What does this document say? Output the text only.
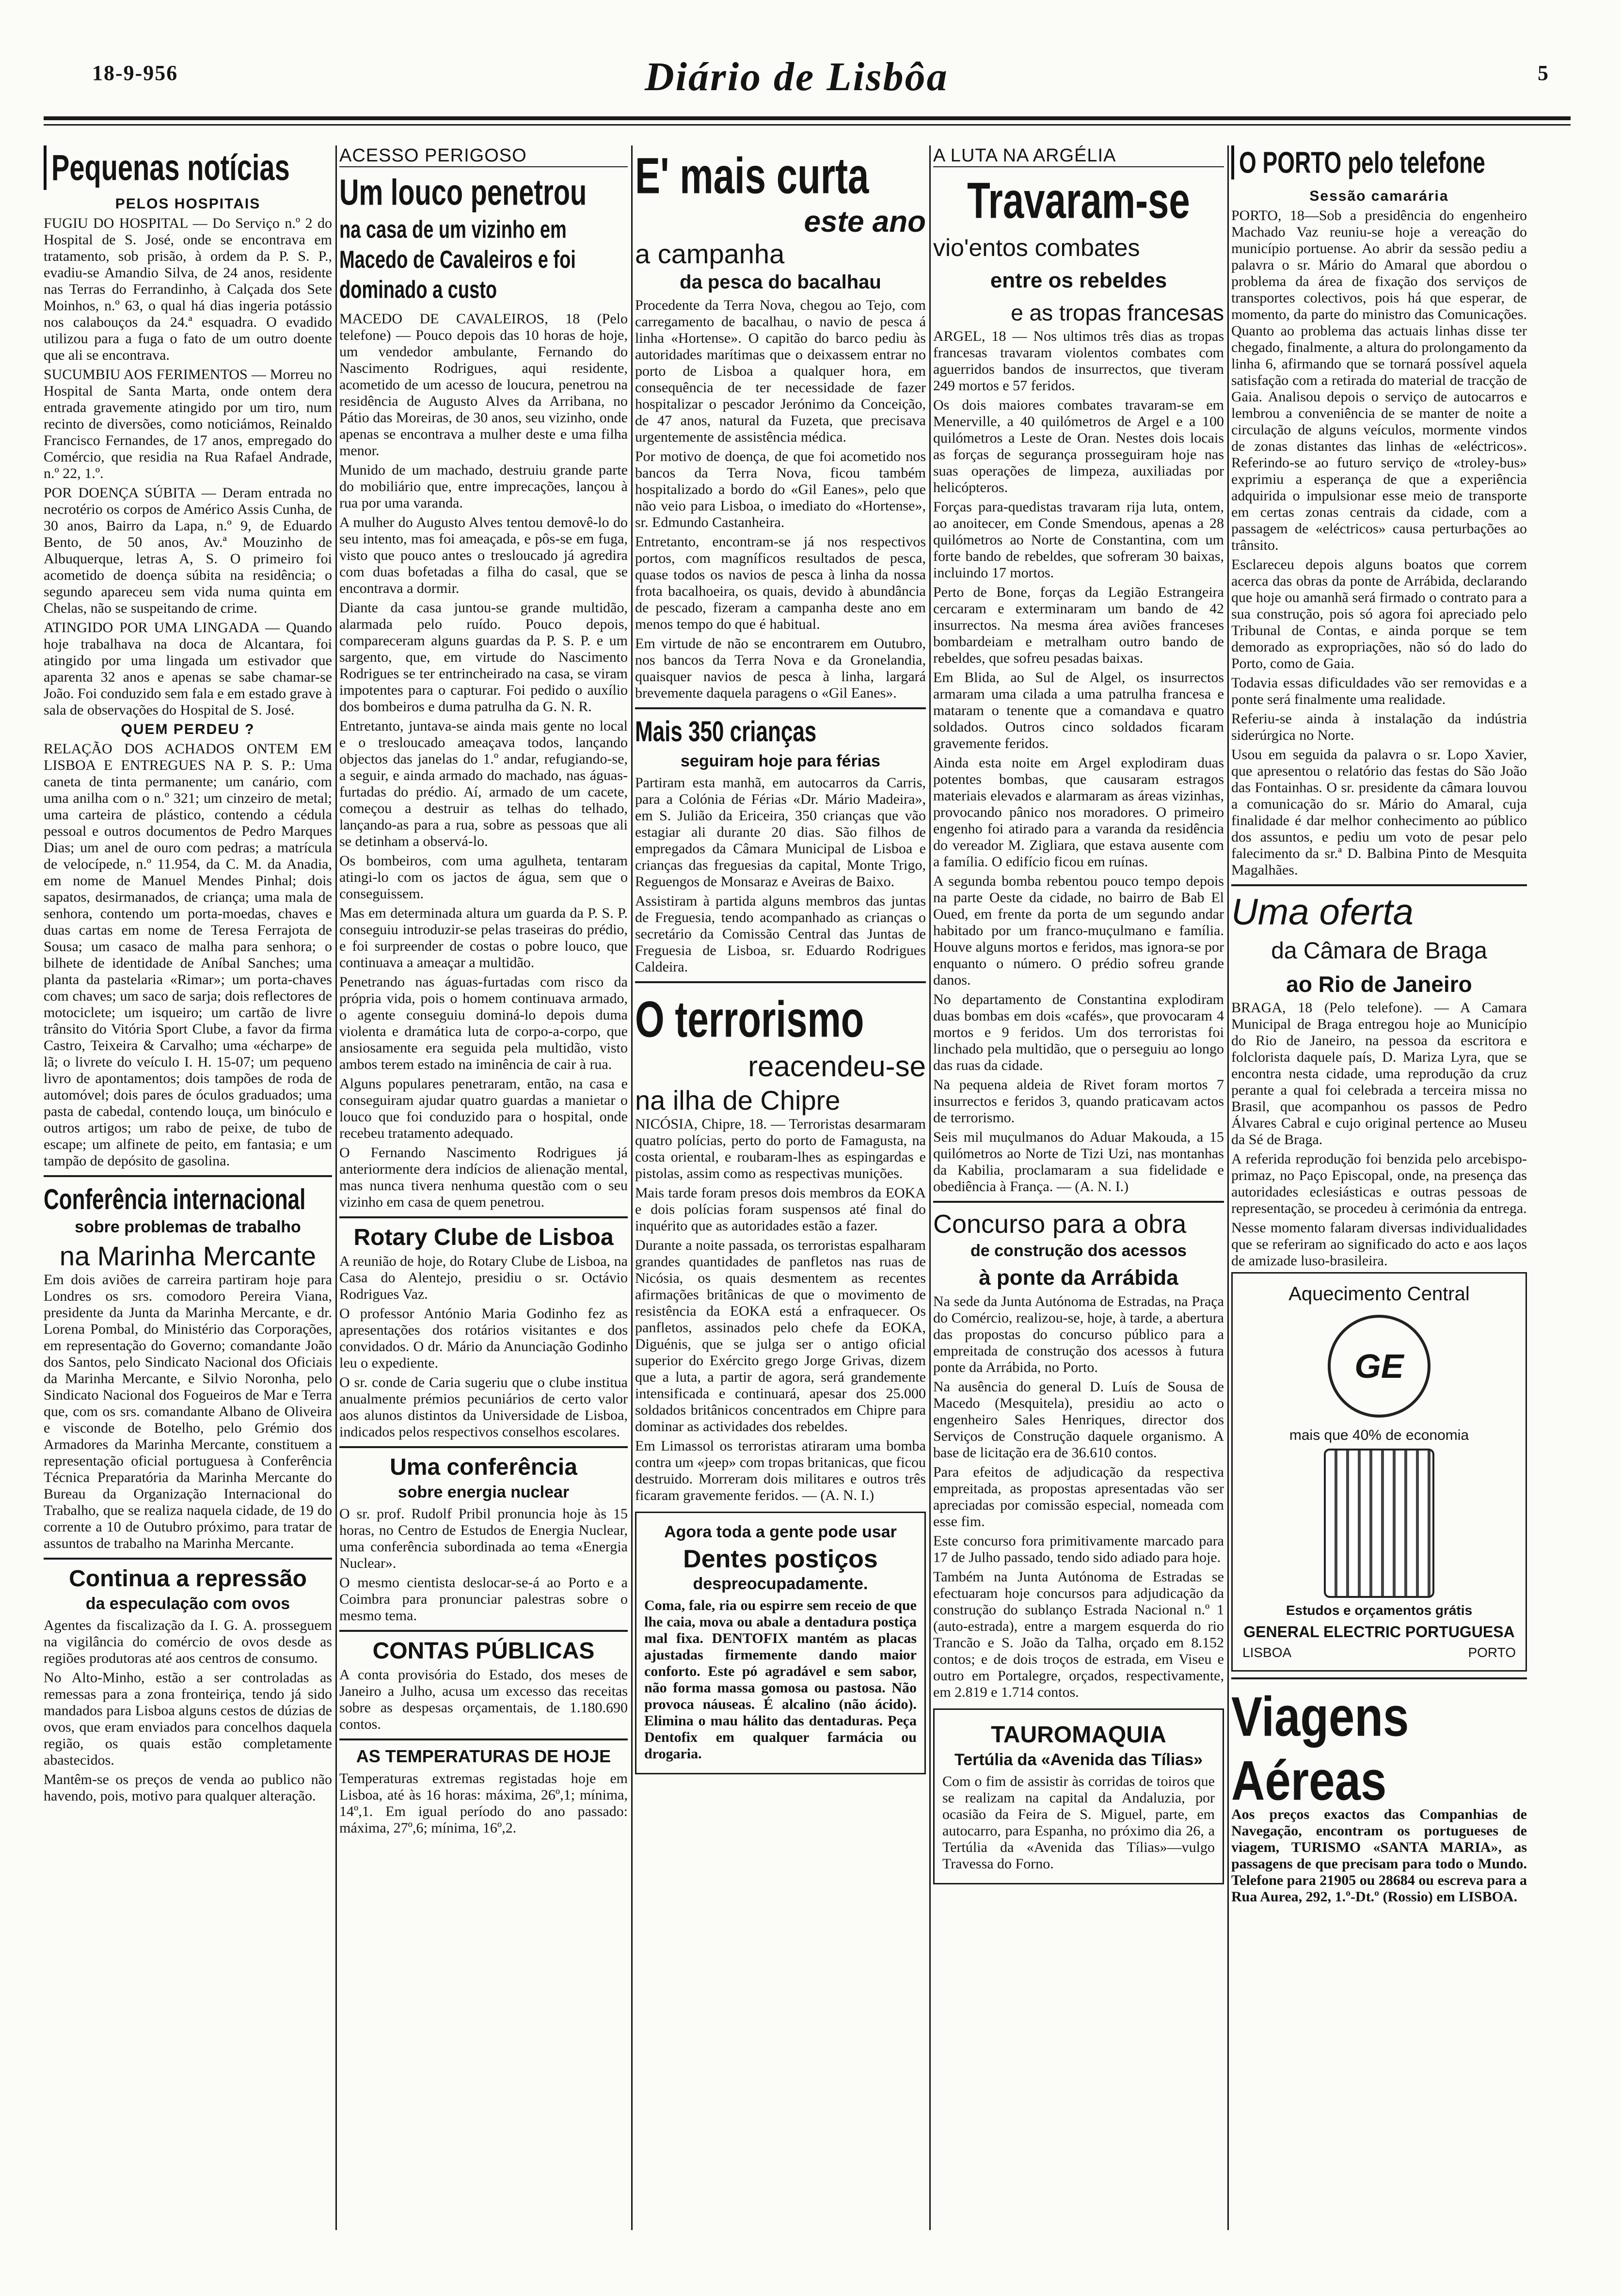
18-9-956	Diário de Lisbôa	5
Pequenas notícias
PELOS HOSPITAIS

FUGIU DO HOSPITAL — Do Serviço n.º 2 do Hospital de S. José, onde se encontrava em tratamento, sob prisão, à ordem da P. S. P., evadiu-se Amandio Silva, de 24 anos, residente nas Terras do Ferrandinho, à Calçada dos Sete Moinhos, n.º 63, o qual há dias ingeria potássio nos calabouços da 24.ª esquadra. O evadido utilizou para a fuga o fato de um outro doente que ali se encontrava.

SUCUMBIU AOS FERIMENTOS — Morreu no Hospital de Santa Marta, onde ontem dera entrada gravemente atingido por um tiro, num recinto de diversões, como noticiámos, Reinaldo Francisco Fernandes, de 17 anos, empregado do Comércio, que residia na Rua Rafael Andrade, n.º 22, 1.º.

POR DOENÇA SÚBITA — Deram entrada no necrotério os corpos de Américo Assis Cunha, de 30 anos, Bairro da Lapa, n.º 9, de Eduardo Bento, de 50 anos, Av.ª Mouzinho de Albuquerque, letras A, S. O primeiro foi acometido de doença súbita na residência; o segundo apareceu sem vida numa quinta em Chelas, não se suspeitando de crime.

ATINGIDO POR UMA LINGADA — Quando hoje trabalhava na doca de Alcantara, foi atingido por uma lingada um estivador que aparenta 32 anos e apenas se sabe chamar-se João. Foi conduzido sem fala e em estado grave à sala de observações do Hospital de S. José.

QUEM PERDEU ?

RELAÇÃO DOS ACHADOS ONTEM EM LISBOA E ENTREGUES NA P. S. P.: Uma caneta de tinta permanente; um canário, com uma anilha com o n.º 321; um cinzeiro de metal; uma carteira de plástico, contendo a cédula pessoal e outros documentos de Pedro Marques Dias; um anel de ouro com pedras; a matrícula de velocípede, n.º 11.954, da C. M. da Anadia, em nome de Manuel Mendes Pinhal; dois sapatos, desirmanados, de criança; uma mala de senhora, contendo um porta-moedas, chaves e duas cartas em nome de Teresa Ferrajota de Sousa; um casaco de malha para senhora; o bilhete de identidade de Aníbal Sanches; uma planta da pastelaria «Rimar»; um porta-chaves com chaves; um saco de sarja; dois reflectores de motociclete; um isqueiro; um cartão de livre trânsito do Vitória Sport Clube, a favor da firma Castro, Teixeira & Carvalho; uma «écharpe» de lã; o livrete do veículo I. H. 15-07; um pequeno livro de apontamentos; dois tampões de roda de automóvel; dois pares de óculos graduados; uma pasta de cabedal, contendo louça, um binóculo e outros artigos; um rabo de peixe, de tubo de escape; um alfinete de peito, em fantasia; e um tampão de depósito de gasolina.

Conferência internacional
sobre problemas de trabalho
na Marinha Mercante

Em dois aviões de carreira partiram hoje para Londres os srs. comodoro Pereira Viana, presidente da Junta da Marinha Mercante, e dr. Lorena Pombal, do Ministério das Corporações, em representação do Governo; comandante João dos Santos, pelo Sindicato Nacional dos Oficiais da Marinha Mercante, e Silvio Noronha, pelo Sindicato Nacional dos Fogueiros de Mar e Terra que, com os srs. comandante Albano de Oliveira e visconde de Botelho, pelo Grémio dos Armadores da Marinha Mercante, constituem a representação oficial portuguesa à Conferência Técnica Preparatória da Marinha Mercante do Bureau da Organização Internacional do Trabalho, que se realiza naquela cidade, de 19 do corrente a 10 de Outubro próximo, para tratar de assuntos de trabalho na Marinha Mercante.

Continua a repressão
da especulação com ovos

Agentes da fiscalização da I. G. A. prosseguem na vigilância do comércio de ovos desde as regiões produtoras até aos centros de consumo.

No Alto-Minho, estão a ser controladas as remessas para a zona fronteiriça, tendo já sido mandados para Lisboa alguns cestos de dúzias de ovos, que eram enviados para concelhos daquela região, os quais estão completamente abastecidos.

Mantêm-se os preços de venda ao publico não havendo, pois, motivo para qualquer alteração.

ACESSO PERIGOSO
Um louco penetrou
na casa de um vizinho em Macedo de Cavaleiros e foi dominado a custo

MACEDO DE CAVALEIROS, 18 (Pelo telefone) — Pouco depois das 10 horas de hoje, um vendedor ambulante, Fernando do Nascimento Rodrigues, aqui residente, acometido de um acesso de loucura, penetrou na residência de Augusto Alves da Arribana, no Pátio das Moreiras, de 30 anos, seu vizinho, onde apenas se encontrava a mulher deste e uma filha menor.

Munido de um machado, destruiu grande parte do mobiliário que, entre imprecações, lançou à rua por uma varanda.

A mulher do Augusto Alves tentou demovê-lo do seu intento, mas foi ameaçada, e pôs-se em fuga, visto que pouco antes o tresloucado já agredira com duas bofetadas a filha do casal, que se encontrava a dormir.

Diante da casa juntou-se grande multidão, alarmada pelo ruído. Pouco depois, compareceram alguns guardas da P. S. P. e um sargento, que, em virtude do Nascimento Rodrigues se ter entrincheirado na casa, se viram impotentes para o capturar. Foi pedido o auxílio dos bombeiros e duma patrulha da G. N. R.

Entretanto, juntava-se ainda mais gente no local e o tresloucado ameaçava todos, lançando objectos das janelas do 1.º andar, refugiando-se, a seguir, e ainda armado do machado, nas águas-furtadas do prédio. Aí, armado de um cacete, começou a destruir as telhas do telhado, lançando-as para a rua, sobre as pessoas que ali se detinham a observá-lo.

Os bombeiros, com uma agulheta, tentaram atingi-lo com os jactos de água, sem que o conseguissem.

Mas em determinada altura um guarda da P. S. P. conseguiu introduzir-se pelas traseiras do prédio, e foi surpreender de costas o pobre louco, que continuava a ameaçar a multidão.

Penetrando nas águas-furtadas com risco da própria vida, pois o homem continuava armado, o agente conseguiu dominá-lo depois duma violenta e dramática luta de corpo-a-corpo, que ansiosamente era seguida pela multidão, visto ambos terem estado na iminência de cair à rua.

Alguns populares penetraram, então, na casa e conseguiram ajudar quatro guardas a manietar o louco que foi conduzido para o hospital, onde recebeu tratamento adequado.

O Fernando Nascimento Rodrigues já anteriormente dera indícios de alienação mental, mas nunca tivera nenhuma questão com o seu vizinho em casa de quem penetrou.

Rotary Clube de Lisboa

A reunião de hoje, do Rotary Clube de Lisboa, na Casa do Alentejo, presidiu o sr. Octávio Rodrigues Vaz.

O professor António Maria Godinho fez as apresentações dos rotários visitantes e dos convidados. O dr. Mário da Anunciação Godinho leu o expediente.

O sr. conde de Caria sugeriu que o clube institua anualmente prémios pecuniários de certo valor aos alunos distintos da Universidade de Lisboa, indicados pelos respectivos conselhos escolares.

Uma conferência
sobre energia nuclear

O sr. prof. Rudolf Pribil pronuncia hoje às 15 horas, no Centro de Estudos de Energia Nuclear, uma conferência subordinada ao tema «Energia Nuclear».

O mesmo cientista deslocar-se-á ao Porto e a Coimbra para pronunciar palestras sobre o mesmo tema.

CONTAS PÚBLICAS

A conta provisória do Estado, dos meses de Janeiro a Julho, acusa um excesso das receitas sobre as despesas orçamentais, de 1.180.690 contos.

AS TEMPERATURAS DE HOJE

Temperaturas extremas registadas hoje em Lisboa, até às 16 horas: máxima, 26º,1; mínima, 14º,1. Em igual período do ano passado: máxima, 27º,6; mínima, 16º,2.

E' mais curta
este ano
a campanha
da pesca do bacalhau

Procedente da Terra Nova, chegou ao Tejo, com carregamento de bacalhau, o navio de pesca á linha «Hortense». O capitão do barco pediu às autoridades marítimas que o deixassem entrar no porto de Lisboa a qualquer hora, em consequência de ter necessidade de fazer hospitalizar o pescador Jerónimo da Conceição, de 47 anos, natural da Fuzeta, que precisava urgentemente de assistência médica.

Por motivo de doença, de que foi acometido nos bancos da Terra Nova, ficou também hospitalizado a bordo do «Gil Eanes», pelo que não veio para Lisboa, o imediato do «Hortense», sr. Edmundo Castanheira.

Entretanto, encontram-se já nos respectivos portos, com magníficos resultados de pesca, quase todos os navios de pesca à linha da nossa frota bacalhoeira, os quais, devido à abundância de pescado, fizeram a campanha deste ano em menos tempo do que é habitual.

Em virtude de não se encontrarem em Outubro, nos bancos da Terra Nova e da Gronelandia, quaisquer navios de pesca à linha, largará brevemente daquela paragens o «Gil Eanes».

Mais 350 crianças
seguiram hoje para férias

Partiram esta manhã, em autocarros da Carris, para a Colónia de Férias «Dr. Mário Madeira», em S. Julião da Ericeira, 350 crianças que vão estagiar ali durante 20 dias. São filhos de empregados da Câmara Municipal de Lisboa e crianças das freguesias da capital, Monte Trigo, Reguengos de Monsaraz e Aveiras de Baixo.

Assistiram à partida alguns membros das juntas de Freguesia, tendo acompanhado as crianças o secretário da Comissão Central das Juntas de Freguesia de Lisboa, sr. Eduardo Rodrigues Caldeira.

O terrorismo
reacendeu-se
na ilha de Chipre

NICÓSIA, Chipre, 18. — Terroristas desarmaram quatro polícias, perto do porto de Famagusta, na costa oriental, e roubaram-lhes as espingardas e pistolas, assim como as respectivas munições.

Mais tarde foram presos dois membros da EOKA e dois polícias foram suspensos até final do inquérito que as autoridades estão a fazer.

Durante a noite passada, os terroristas espalharam grandes quantidades de panfletos nas ruas de Nicósia, os quais desmentem as recentes afirmações britânicas de que o movimento de resistência da EOKA está a enfraquecer. Os panfletos, assinados pelo chefe da EOKA, Diguénis, que se julga ser o antigo oficial superior do Exército grego Jorge Grivas, dizem que a luta, a partir de agora, será grandemente intensificada e continuará, apesar dos 25.000 soldados britânicos concentrados em Chipre para dominar as actividades dos rebeldes.

Em Limassol os terroristas atiraram uma bomba contra um «jeep» com tropas britanicas, que ficou destruido. Morreram dois militares e outros três ficaram gravemente feridos. — (A. N. I.)

Agora toda a gente pode usar
Dentes postiços
despreocupadamente.

Coma, fale, ria ou espirre sem receio de que lhe caia, mova ou abale a dentadura postiça mal fixa. DENTOFIX mantém as placas ajustadas firmemente dando maior conforto. Este pó agradável e sem sabor, não forma massa gomosa ou pastosa. Não provoca náuseas. É alcalino (não ácido). Elimina o mau hálito das dentaduras. Peça Dentofix em qualquer farmácia ou drogaria.

A LUTA NA ARGÉLIA
Travaram-se
vio'entos combates
entre os rebeldes
e as tropas francesas

ARGEL, 18 — Nos ultimos três dias as tropas francesas travaram violentos combates com aguerridos bandos de insurrectos, que tiveram 249 mortos e 57 feridos.

Os dois maiores combates travaram-se em Menerville, a 40 quilómetros de Argel e a 100 quilómetros a Leste de Oran. Nestes dois locais as forças de segurança prosseguiram hoje nas suas operações de limpeza, auxiliadas por helicópteros.

Forças para-quedistas travaram rija luta, ontem, ao anoitecer, em Conde Smendous, apenas a 28 quilómetros ao Norte de Constantina, com um forte bando de rebeldes, que sofreram 30 baixas, incluindo 17 mortos.

Perto de Bone, forças da Legião Estrangeira cercaram e exterminaram um bando de 42 insurrectos. Na mesma área aviões franceses bombardeiam e metralham outro bando de rebeldes, que sofreu pesadas baixas.

Em Blida, ao Sul de Algel, os insurrectos armaram uma cilada a uma patrulha francesa e mataram o tenente que a comandava e quatro soldados. Outros cinco soldados ficaram gravemente feridos.

Ainda esta noite em Argel explodiram duas potentes bombas, que causaram estragos materiais elevados e alarmaram as áreas vizinhas, provocando pânico nos moradores. O primeiro engenho foi atirado para a varanda da residência do vereador M. Zigliara, que estava ausente com a família. O edifício ficou em ruínas.

A segunda bomba rebentou pouco tempo depois na parte Oeste da cidade, no bairro de Bab El Oued, em frente da porta de um segundo andar habitado por um franco-muçulmano e família. Houve alguns mortos e feridos, mas ignora-se por enquanto o número. O prédio sofreu grande danos.

No departamento de Constantina explodiram duas bombas em dois «cafés», que provocaram 4 mortos e 9 feridos. Um dos terroristas foi linchado pela multidão, que o perseguiu ao longo das ruas da cidade.

Na pequena aldeia de Rivet foram mortos 7 insurrectos e feridos 3, quando praticavam actos de terrorismo.

Seis mil muçulmanos do Aduar Makouda, a 15 quilómetros ao Norte de Tizi Uzi, nas montanhas da Kabilia, proclamaram a sua fidelidade e obediência à França. — (A. N. I.)

Concurso para a obra
de construção dos acessos
à ponte da Arrábida

Na sede da Junta Autónoma de Estradas, na Praça do Comércio, realizou-se, hoje, à tarde, a abertura das propostas do concurso público para a empreitada de construção dos acessos à futura ponte da Arrábida, no Porto.

Na ausência do general D. Luís de Sousa de Macedo (Mesquitela), presidiu ao acto o engenheiro Sales Henriques, director dos Serviços de Construção daquele organismo. A base de licitação era de 36.610 contos.

Para efeitos de adjudicação da respectiva empreitada, as propostas apresentadas vão ser apreciadas por comissão especial, nomeada com esse fim.

Este concurso fora primitivamente marcado para 17 de Julho passado, tendo sido adiado para hoje.

Também na Junta Autónoma de Estradas se efectuaram hoje concursos para adjudicação da construção do sublanço Estrada Nacional n.º 1 (auto-estrada), entre a margem esquerda do rio Trancão e S. João da Talha, orçado em 8.152 contos; e de dois troços de estrada, em Viseu e outro em Portalegre, orçados, respectivamente, em 2.819 e 1.714 contos.

TAUROMAQUIA
Tertúlia da «Avenida das Tílias»

Com o fim de assistir às corridas de toiros que se realizam na capital da Andaluzia, por ocasião da Feira de S. Miguel, parte, em autocarro, para Espanha, no próximo dia 26, a Tertúlia da «Avenida das Tílias»—vulgo Travessa do Forno.

O PORTO pelo telefone
Sessão camarária

PORTO, 18—Sob a presidência do engenheiro Machado Vaz reuniu-se hoje a vereação do município portuense. Ao abrir da sessão pediu a palavra o sr. Mário do Amaral que abordou o problema da área de fixação dos serviços de transportes colectivos, pois há que esperar, de momento, da parte do ministro das Comunicações. Quanto ao problema das actuais linhas disse ter chegado, finalmente, a altura do prolongamento da linha 6, afirmando que se tornará possível aquela satisfação com a retirada do material de tracção de Gaia. Analisou depois o serviço de autocarros e lembrou a conveniência de se manter de noite a circulação de alguns veículos, mormente vindos de zonas distantes das linhas de «eléctricos». Referindo-se ao futuro serviço de «troley-bus» exprimiu a esperança de que a experiência adquirida o impulsionar esse meio de transporte em certas zonas centrais da cidade, com a passagem de «eléctricos» causa perturbações ao trânsito.

Esclareceu depois alguns boatos que correm acerca das obras da ponte de Arrábida, declarando que hoje ou amanhã será firmado o contrato para a sua construção, pois só agora foi apreciado pelo Tribunal de Contas, e ainda porque se tem demorado as expropriações, não só do lado do Porto, como de Gaia.

Todavia essas dificuldades vão ser removidas e a ponte será finalmente uma realidade.

Referiu-se ainda à instalação da indústria siderúrgica no Norte.

Usou em seguida da palavra o sr. Lopo Xavier, que apresentou o relatório das festas do São João das Fontainhas. O sr. presidente da câmara louvou a comunicação do sr. Mário do Amaral, cuja finalidade é dar melhor conhecimento ao público dos assuntos, e pediu um voto de pesar pelo falecimento da sr.ª D. Balbina Pinto de Mesquita Magalhães.

Uma oferta
da Câmara de Braga
ao Rio de Janeiro

BRAGA, 18 (Pelo telefone). — A Camara Municipal de Braga entregou hoje ao Município do Rio de Janeiro, na pessoa da escritora e folclorista daquele país, D. Mariza Lyra, que se encontra nesta cidade, uma reprodução da cruz perante a qual foi celebrada a terceira missa no Brasil, que acompanhou os passos de Pedro Álvares Cabral e cujo original pertence ao Museu da Sé de Braga.

A referida reprodução foi benzida pelo arcebispo-primaz, no Paço Episcopal, onde, na presença das autoridades eclesiásticas e outras pessoas de representação, se procedeu à cerimónia da entrega.

Nesse momento falaram diversas individualidades que se referiram ao significado do acto e aos laços de amizade luso-brasileira.

Aquecimento Central
GE
mais que 40% de economia
Estudos e orçamentos grátis
GENERAL ELECTRIC PORTUGUESA
LISBOA	PORTO
Viagens Aéreas

Aos preços exactos das Companhias de Navegação, encontram os portugueses de viagem, TURISMO «SANTA MARIA», as passagens de que precisam para todo o Mundo. Telefone para 21905 ou 28684 ou escreva para a Rua Aurea, 292, 1.º-Dt.º (Rossio) em LISBOA.
